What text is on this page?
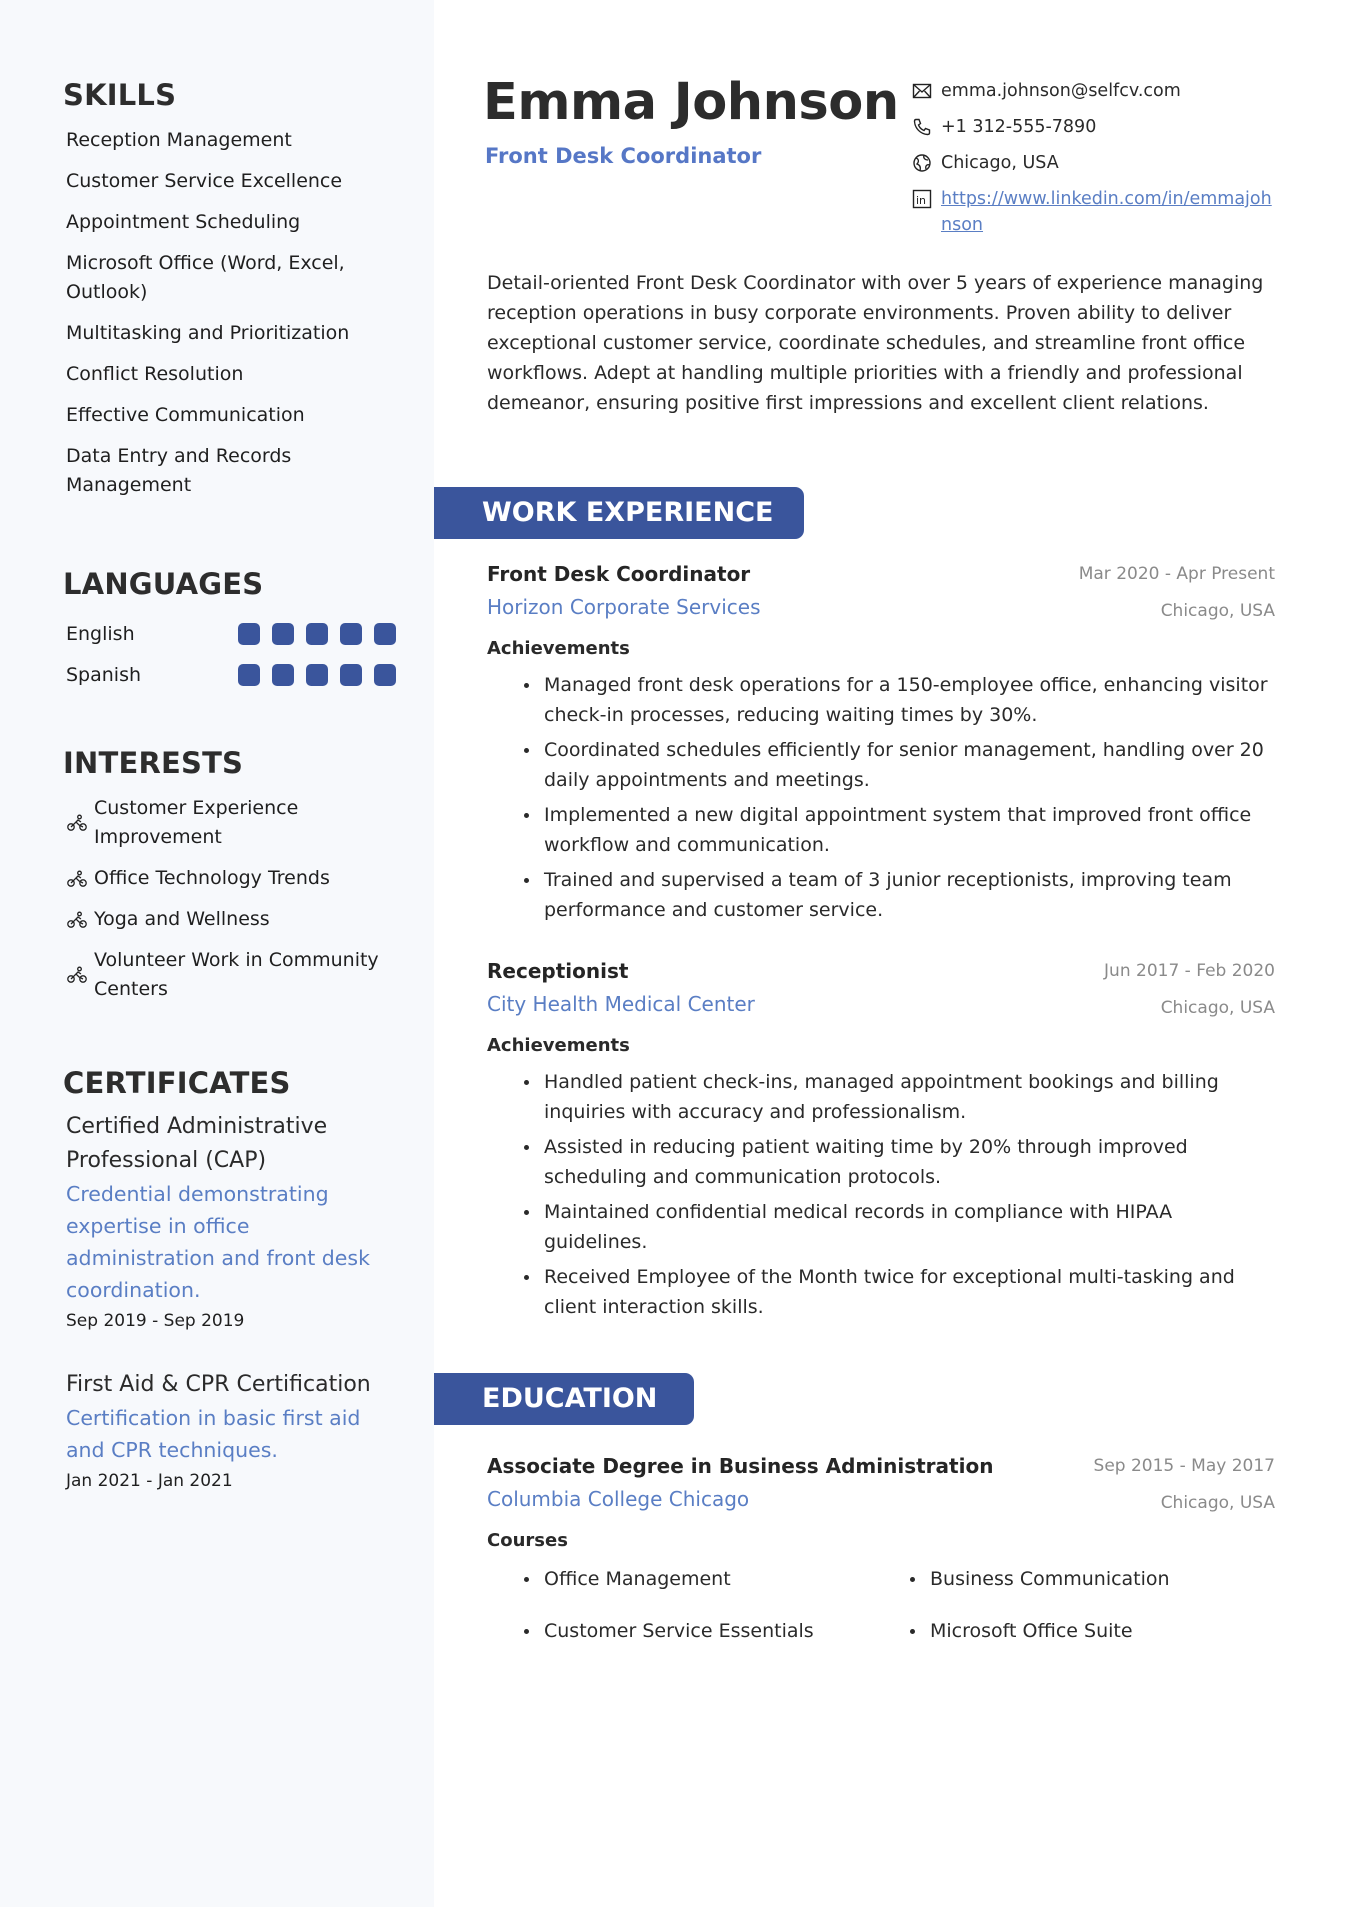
SKILLS
Reception Management
Customer Service Excellence
Appointment Scheduling
Microsoft Office (Word, Excel, Outlook)
Multitasking and Prioritization
Conflict Resolution
Effective Communication
Data Entry and Records Management
LANGUAGES
English
Spanish
INTERESTS
Customer Experience Improvement
Office Technology Trends
Yoga and Wellness
Volunteer Work in Community Centers
CERTIFICATES
Certified Administrative Professional (CAP)
Credential demonstrating expertise in office administration and front desk coordination.
Sep 2019 - Sep 2019
First Aid & CPR Certification
Certification in basic first aid and CPR techniques.
Jan 2021 - Jan 2021
Emma Johnson
Front Desk Coordinator
emma.johnson@selfcv.com
+1 312-555-7890
Chicago, USA
in https://www.linkedin.com/in/emmajohnson

Detail-oriented Front Desk Coordinator with over 5 years of experience managing reception operations in busy corporate environments. Proven ability to deliver exceptional customer service, coordinate schedules, and streamline front office workflows. Adept at handling multiple priorities with a friendly and professional demeanor, ensuring positive first impressions and excellent client relations.

WORK EXPERIENCE
Front Desk Coordinator	Mar 2020 - Apr Present
Horizon Corporate Services	Chicago, USA
Achievements
Managed front desk operations for a 150-employee office, enhancing visitor check-in processes, reducing waiting times by 30%.
Coordinated schedules efficiently for senior management, handling over 20 daily appointments and meetings.
Implemented a new digital appointment system that improved front office workflow and communication.
Trained and supervised a team of 3 junior receptionists, improving team performance and customer service.
Receptionist	Jun 2017 - Feb 2020
City Health Medical Center	Chicago, USA
Achievements
Handled patient check-ins, managed appointment bookings and billing inquiries with accuracy and professionalism.
Assisted in reducing patient waiting time by 20% through improved scheduling and communication protocols.
Maintained confidential medical records in compliance with HIPAA guidelines.
Received Employee of the Month twice for exceptional multi-tasking and client interaction skills.
EDUCATION
Associate Degree in Business Administration	Sep 2015 - May 2017
Columbia College Chicago	Chicago, USA
Courses
Office Management	Business Communication
Customer Service Essentials	Microsoft Office Suite
